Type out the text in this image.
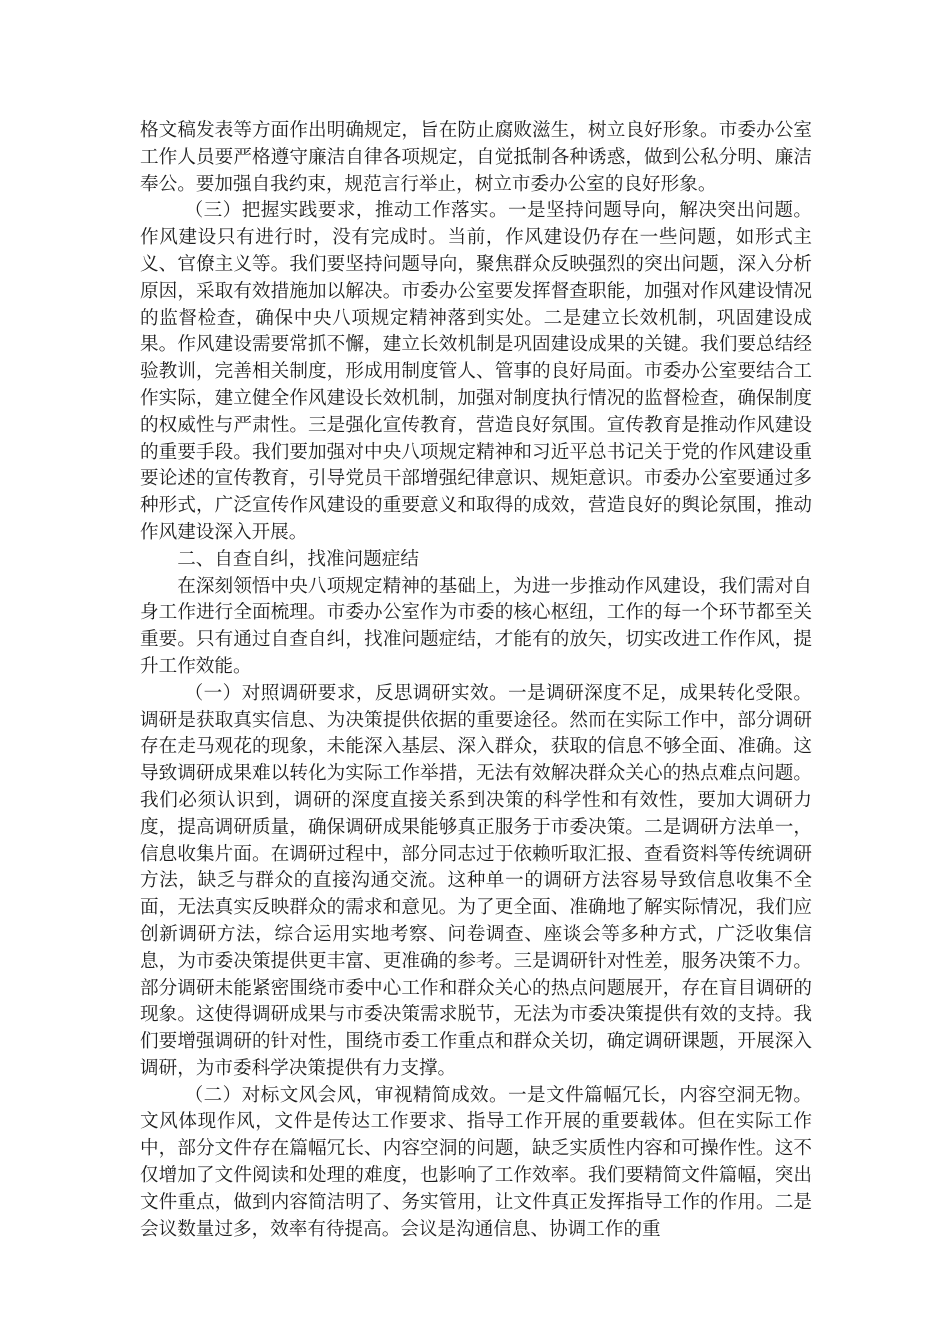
格文稿发表等方面作出明确规定，旨在防止腐败滋生，树立良好形象。市委办公室工作人员要严格遵守廉洁自律各项规定，自觉抵制各种诱惑，做到公私分明、廉洁奉公。要加强自我约束，规范言行举止，树立市委办公室的良好形象。

（三）把握实践要求，推动工作落实。一是坚持问题导向，解决突出问题。作风建设只有进行时，没有完成时。当前，作风建设仍存在一些问题，如形式主义、官僚主义等。我们要坚持问题导向，聚焦群众反映强烈的突出问题，深入分析原因，采取有效措施加以解决。市委办公室要发挥督查职能，加强对作风建设情况的监督检查，确保中央八项规定精神落到实处。二是建立长效机制，巩固建设成果。作风建设需要常抓不懈，建立长效机制是巩固建设成果的关键。我们要总结经验教训，完善相关制度，形成用制度管人、管事的良好局面。市委办公室要结合工作实际，建立健全作风建设长效机制，加强对制度执行情况的监督检查，确保制度的权威性与严肃性。三是强化宣传教育，营造良好氛围。宣传教育是推动作风建设的重要手段。我们要加强对中央八项规定精神和习近平总书记关于党的作风建设重要论述的宣传教育，引导党员干部增强纪律意识、规矩意识。市委办公室要通过多种形式，广泛宣传作风建设的重要意义和取得的成效，营造良好的舆论氛围，推动作风建设深入开展。

二、自查自纠，找准问题症结

在深刻领悟中央八项规定精神的基础上，为进一步推动作风建设，我们需对自身工作进行全面梳理。市委办公室作为市委的核心枢纽，工作的每一个环节都至关重要。只有通过自查自纠，找准问题症结，才能有的放矢，切实改进工作作风，提升工作效能。

（一）对照调研要求，反思调研实效。一是调研深度不足，成果转化受限。调研是获取真实信息、为决策提供依据的重要途径。然而在实际工作中，部分调研存在走马观花的现象，未能深入基层、深入群众，获取的信息不够全面、准确。这导致调研成果难以转化为实际工作举措，无法有效解决群众关心的热点难点问题。我们必须认识到，调研的深度直接关系到决策的科学性和有效性，要加大调研力度，提高调研质量，确保调研成果能够真正服务于市委决策。二是调研方法单一，信息收集片面。在调研过程中，部分同志过于依赖听取汇报、查看资料等传统调研方法，缺乏与群众的直接沟通交流。这种单一的调研方法容易导致信息收集不全面，无法真实反映群众的需求和意见。为了更全面、准确地了解实际情况，我们应创新调研方法，综合运用实地考察、问卷调查、座谈会等多种方式，广泛收集信息，为市委决策提供更丰富、更准确的参考。三是调研针对性差，服务决策不力。部分调研未能紧密围绕市委中心工作和群众关心的热点问题展开，存在盲目调研的现象。这使得调研成果与市委决策需求脱节，无法为市委决策提供有效的支持。我们要增强调研的针对性，围绕市委工作重点和群众关切，确定调研课题，开展深入调研，为市委科学决策提供有力支撑。

（二）对标文风会风，审视精简成效。一是文件篇幅冗长，内容空洞无物。文风体现作风，文件是传达工作要求、指导工作开展的重要载体。但在实际工作中，部分文件存在篇幅冗长、内容空洞的问题，缺乏实质性内容和可操作性。这不仅增加了文件阅读和处理的难度，也影响了工作效率。我们要精简文件篇幅，突出文件重点，做到内容简洁明了、务实管用，让文件真正发挥指导工作的作用。二是会议数量过多，效率有待提高。会议是沟通信息、协调工作的重
